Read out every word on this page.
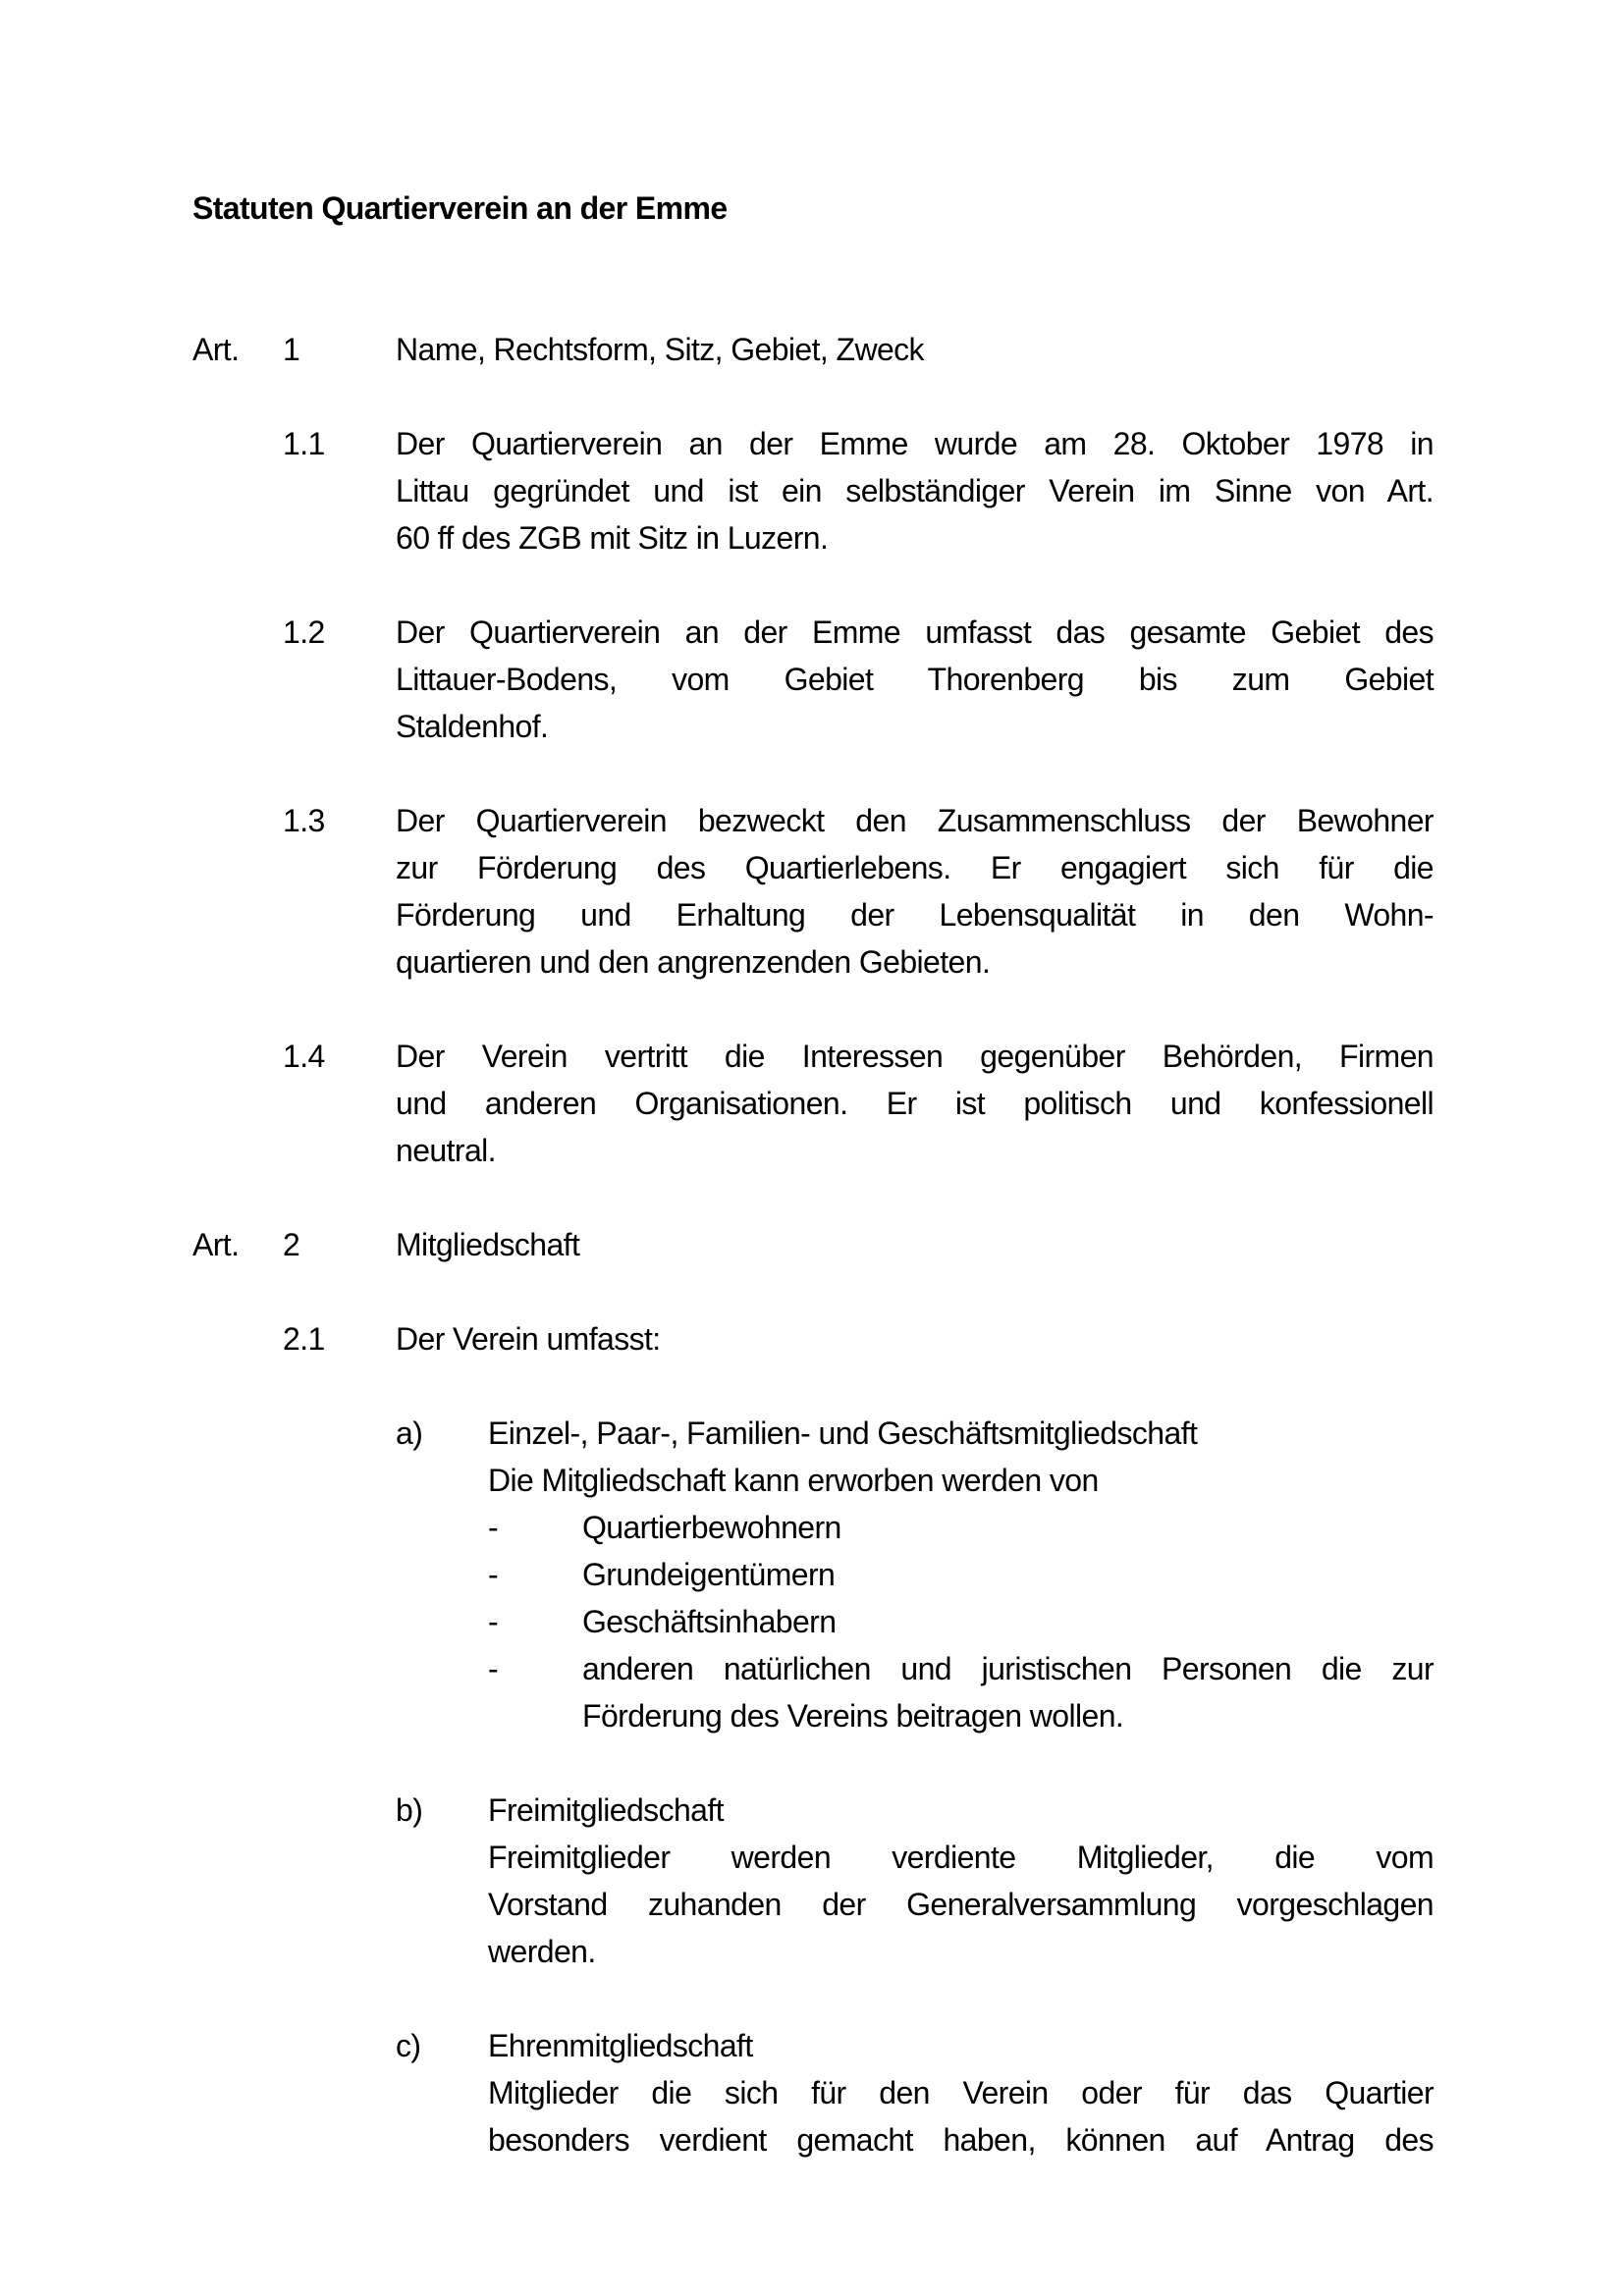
Statuten Quartierverein an der Emme
Art.	1	Name, Rechtsform, Sitz, Gebiet, Zweck
1.1	Der Quartierverein an der Emme wurde am 28. Oktober 1978 in
Littau gegründet und ist ein selbständiger Verein im Sinne von Art.
60 ff des ZGB mit Sitz in Luzern.
1.2	Der Quartierverein an der Emme umfasst das gesamte Gebiet des
Littauer-Bodens, vom Gebiet Thorenberg bis zum Gebiet
Staldenhof.
1.3	Der Quartierverein bezweckt den Zusammenschluss der Bewohner
zur Förderung des Quartierlebens. Er engagiert sich für die
Förderung und Erhaltung der Lebensqualität in den Wohn-
quartieren und den angrenzenden Gebieten.
1.4	Der Verein vertritt die Interessen gegenüber Behörden, Firmen
und anderen Organisationen. Er ist politisch und konfessionell
neutral.
Art.	2	Mitgliedschaft
2.1	Der Verein umfasst:
a)	Einzel-, Paar-, Familien- und Geschäftsmitgliedschaft
Die Mitgliedschaft kann erworben werden von
-	Quartierbewohnern
-	Grundeigentümern
-	Geschäftsinhabern
-	anderen natürlichen und juristischen Personen die zur
Förderung des Vereins beitragen wollen.
b)	Freimitgliedschaft
Freimitglieder werden verdiente Mitglieder, die vom
Vorstand zuhanden der Generalversammlung vorgeschlagen
werden.
c)	Ehrenmitgliedschaft
Mitglieder die sich für den Verein oder für das Quartier
besonders verdient gemacht haben, können auf Antrag des
